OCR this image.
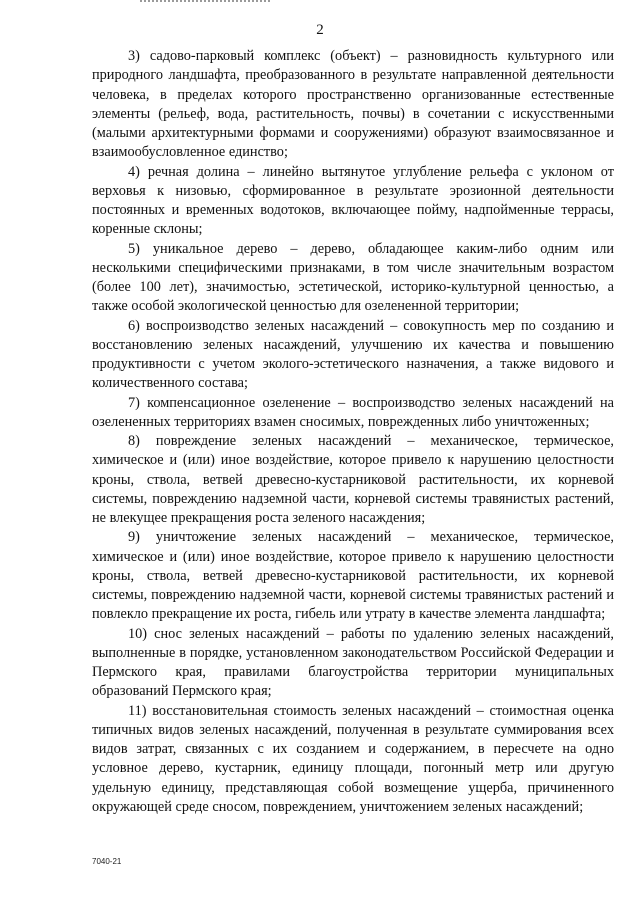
2

3) садово-парковый комплекс (объект) – разновидность культурного или природного ландшафта, преобразованного в результате направленной деятельности человека, в пределах которого пространственно организованные естественные элементы (рельеф, вода, растительность, почвы) в сочетании с искусственными (малыми архитектурными формами и сооружениями) образуют взаимосвязанное и взаимообусловленное единство;

4) речная долина – линейно вытянутое углубление рельефа с уклоном от верховья к низовью, сформированное в результате эрозионной деятельности постоянных и временных водотоков, включающее пойму, надпойменные террасы, коренные склоны;

5) уникальное дерево – дерево, обладающее каким-либо одним или несколькими специфическими признаками, в том числе значительным возрастом (более 100 лет), значимостью, эстетической, историко-культурной ценностью, а также особой экологической ценностью для озелененной территории;

6) воспроизводство зеленых насаждений – совокупность мер по созданию и восстановлению зеленых насаждений, улучшению их качества и повышению продуктивности с учетом эколого-эстетического назначения, а также видового и количественного состава;

7) компенсационное озеленение – воспроизводство зеленых насаждений на озелененных территориях взамен сносимых, поврежденных либо уничтоженных;

8) повреждение зеленых насаждений – механическое, термическое, химическое и (или) иное воздействие, которое привело к нарушению целостности кроны, ствола, ветвей древесно-кустарниковой растительности, их корневой системы, повреждению надземной части, корневой системы травянистых растений, не влекущее прекращения роста зеленого насаждения;

9) уничтожение зеленых насаждений – механическое, термическое, химическое и (или) иное воздействие, которое привело к нарушению целостности кроны, ствола, ветвей древесно-кустарниковой растительности, их корневой системы, повреждению надземной части, корневой системы травянистых растений и повлекло прекращение их роста, гибель или утрату в качестве элемента ландшафта;

10) снос зеленых насаждений – работы по удалению зеленых насаждений, выполненные в порядке, установленном законодательством Российской Федерации и Пермского края, правилами благоустройства территории муниципальных образований Пермского края;

11) восстановительная стоимость зеленых насаждений – стоимостная оценка типичных видов зеленых насаждений, полученная в результате суммирования всех видов затрат, связанных с их созданием и содержанием, в пересчете на одно условное дерево, кустарник, единицу площади, погонный метр или другую удельную единицу, представляющая собой возмещение ущерба, причиненного окружающей среде сносом, повреждением, уничтожением зеленых насаждений;

7040-21
